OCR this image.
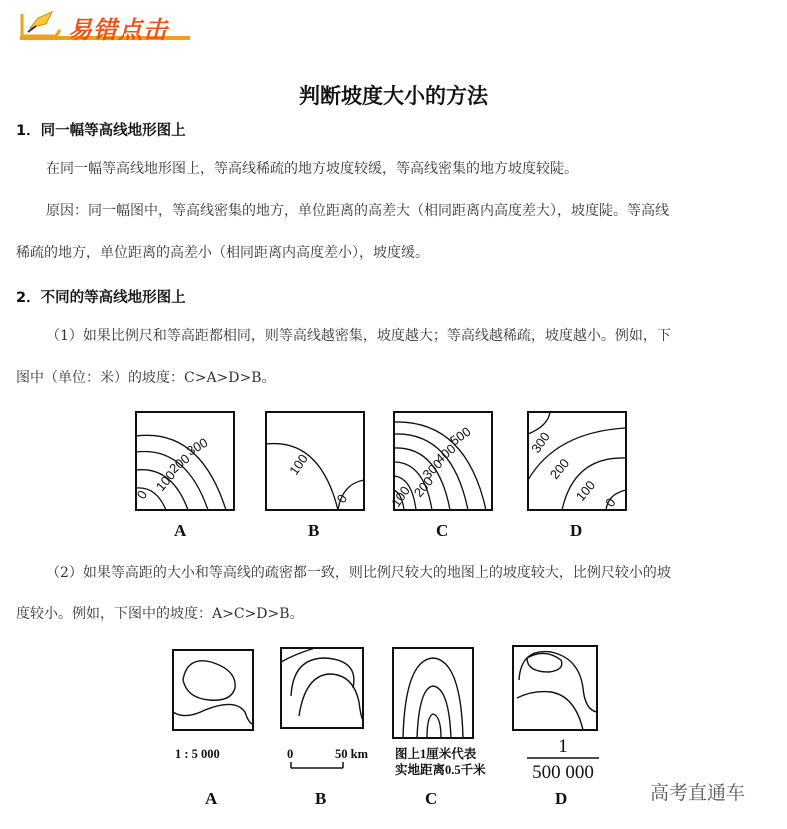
易错点击
判断坡度大小的方法
1．同一幅等高线地形图上
在同一幅等高线地形图上，等高线稀疏的地方坡度较缓，等高线密集的地方坡度较陡。
原因：同一幅图中，等高线密集的地方，单位距离的高差大（相同距离内高度差大），坡度陡。等高线
稀疏的地方，单位距离的高差小（相同距离内高度差小），坡度缓。
2．不同的等高线地形图上
（1）如果比例尺和等高距都相同，则等高线越密集，坡度越大；等高线越稀疏，坡度越小。例如，下
图中（单位：米）的坡度：C>A>D>B。
0
100
200
300
A
100
0
B
100
200
300
400
500
C
300
200
100 0
D
（2）如果等高距的大小和等高线的疏密都一致，则比例尺较大的地图上的坡度较大，比例尺较小的坡
度较小。例如，下图中的坡度：A>C>D>B。
1 : 5 000
A
0	50 km
B
图上1厘米代表
实地距离0.5千米
C
1
500 000
D	高考直通车
